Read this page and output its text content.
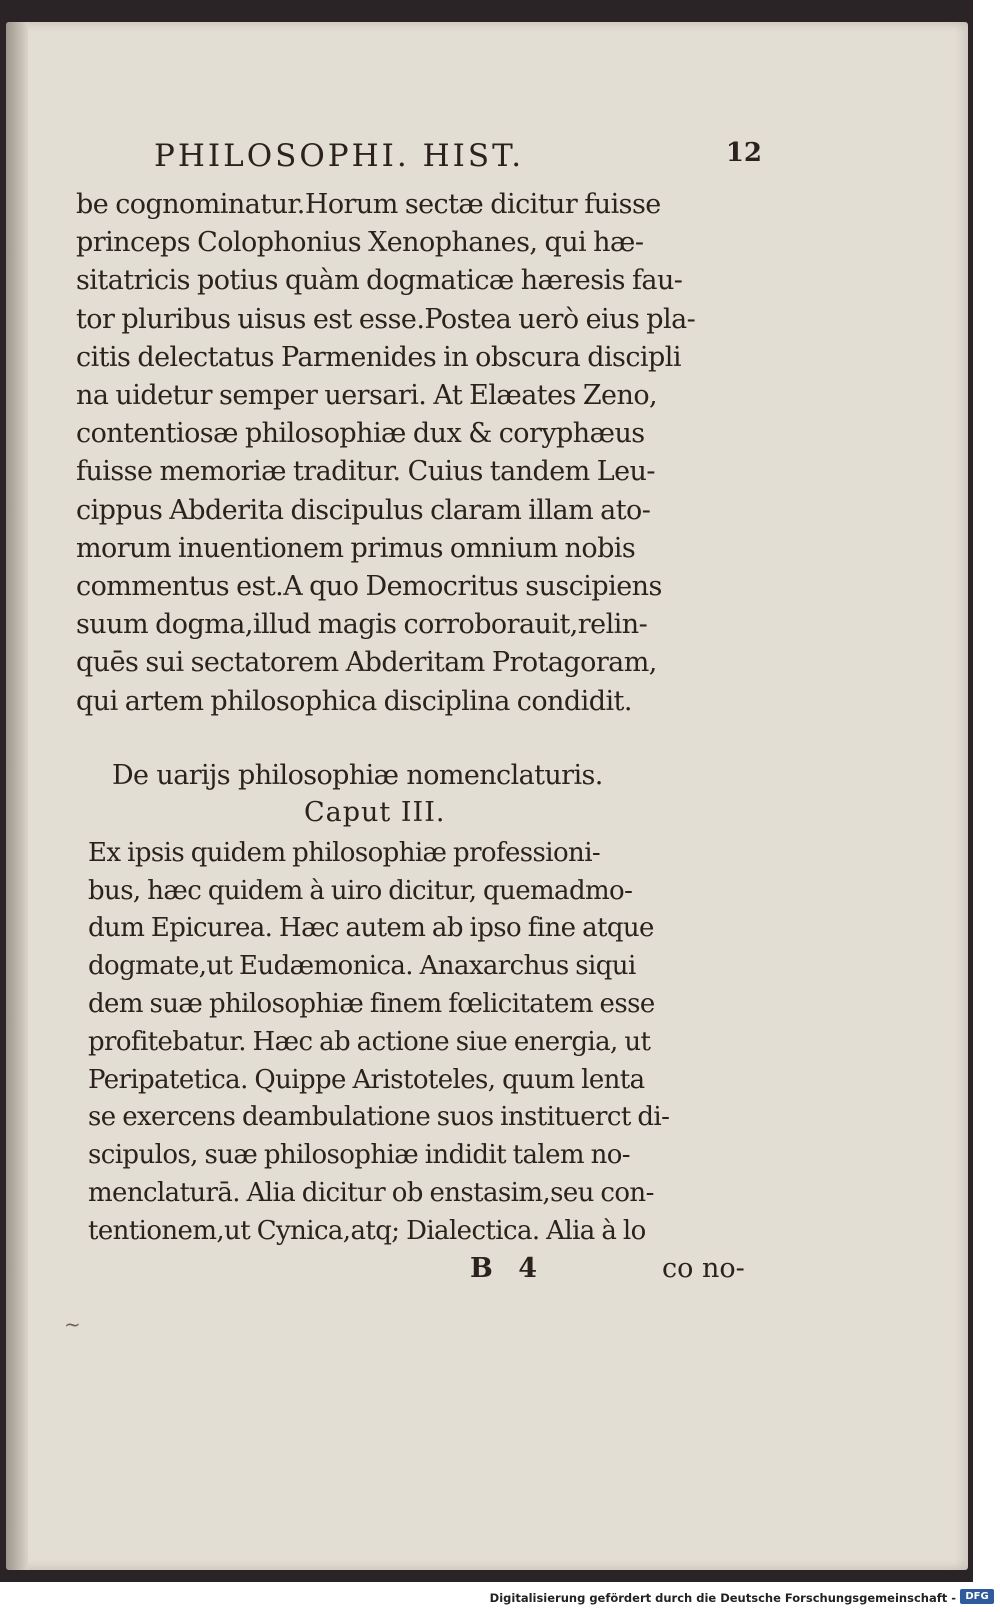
PHILOSOPHI. HIST.	12
be cognominatur.Horum sectæ dicitur fuisse
princeps Colophonius Xenophanes, qui hæ-
sitatricis potius quàm dogmaticæ hæresis fau-
tor pluribus uisus est esse.Postea uerò eius pla-
citis delectatus Parmenides in obscura discipli
na uidetur semper uersari. At Elæates Zeno,
contentiosæ philosophiæ dux & coryphæus
fuisse memoriæ traditur. Cuius tandem Leu-
cippus Abderita discipulus claram illam ato-
morum inuentionem primus omnium nobis
commentus est.A quo Democritus suscipiens
suum dogma,illud magis corroborauit,relin-
quēs sui sectatorem Abderitam Protagoram,
qui artem philosophica disciplina condidit.
De uarijs philosophiæ nomenclaturis.
Caput III.
Ex ipsis quidem philosophiæ professioni-
bus, hæc quidem à uiro dicitur, quemadmo-
dum Epicurea. Hæc autem ab ipso fine atque
dogmate,ut Eudæmonica. Anaxarchus siqui
dem suæ philosophiæ finem fœlicitatem esse
profitebatur. Hæc ab actione siue energia, ut
Peripatetica. Quippe Aristoteles, quum lenta
se exercens deambulatione suos instituerct di-
scipulos, suæ philosophiæ indidit talem no-
menclaturā. Alia dicitur ob enstasim,seu con-
tentionem,ut Cynica,atq; Dialectica. Alia à lo
B 4	co no-
~
Digitalisierung gefördert durch die Deutsche Forschungsgemeinschaft - DFG
